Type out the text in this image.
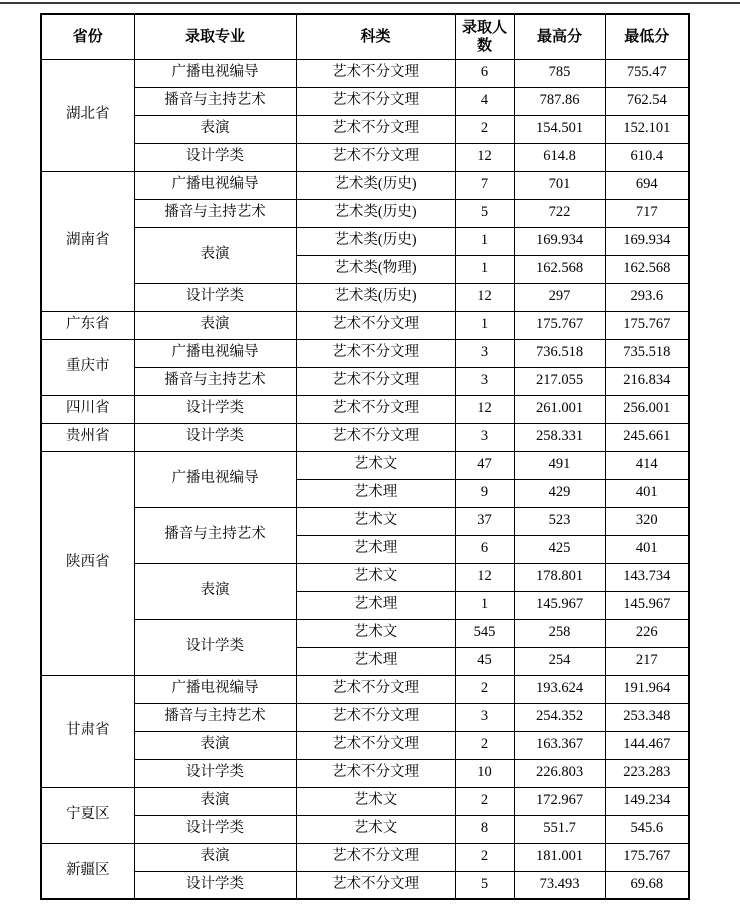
省份	录取专业	科类	录取人数	最高分	最低分
湖北省	广播电视编导	艺术不分文理	6	785	755.47
	播音与主持艺术	艺术不分文理	4	787.86	762.54
	表演	艺术不分文理	2	154.501	152.101
	设计学类	艺术不分文理	12	614.8	610.4
湖南省	广播电视编导	艺术类(历史)	7	701	694
	播音与主持艺术	艺术类(历史)	5	722	717
	表演	艺术类(历史)	1	169.934	169.934
		艺术类(物理)	1	162.568	162.568
	设计学类	艺术类(历史)	12	297	293.6
广东省	表演	艺术不分文理	1	175.767	175.767
重庆市	广播电视编导	艺术不分文理	3	736.518	735.518
	播音与主持艺术	艺术不分文理	3	217.055	216.834
四川省	设计学类	艺术不分文理	12	261.001	256.001
贵州省	设计学类	艺术不分文理	3	258.331	245.661
陕西省	广播电视编导	艺术文	47	491	414
		艺术理	9	429	401
	播音与主持艺术	艺术文	37	523	320
		艺术理	6	425	401
	表演	艺术文	12	178.801	143.734
		艺术理	1	145.967	145.967
	设计学类	艺术文	545	258	226
		艺术理	45	254	217
甘肃省	广播电视编导	艺术不分文理	2	193.624	191.964
	播音与主持艺术	艺术不分文理	3	254.352	253.348
	表演	艺术不分文理	2	163.367	144.467
	设计学类	艺术不分文理	10	226.803	223.283
宁夏区	表演	艺术文	2	172.967	149.234
	设计学类	艺术文	8	551.7	545.6
新疆区	表演	艺术不分文理	2	181.001	175.767
	设计学类	艺术不分文理	5	73.493	69.68
